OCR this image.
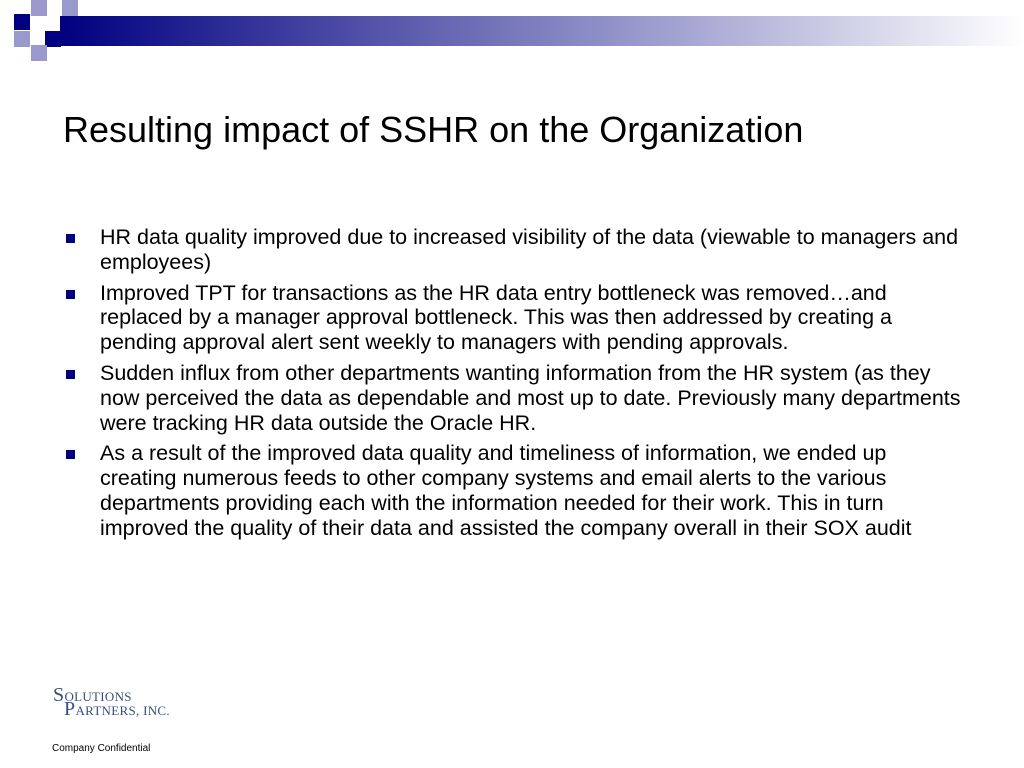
Resulting impact of SSHR on the Organization
HR data quality improved due to increased visibility of the data (viewable to managers and employees)
Improved TPT for transactions as the HR data entry bottleneck was removed…and replaced by a manager approval bottleneck. This was then addressed by creating a pending approval alert sent weekly to managers with pending approvals.
Sudden influx from other departments wanting information from the HR system (as they now perceived the data as dependable and most up to date. Previously many departments were tracking HR data outside the Oracle HR.
As a result of the improved data quality and timeliness of information, we ended up creating numerous feeds to other company systems and email alerts to the various departments providing each with the information needed for their work. This in turn improved the quality of their data and assisted the company overall in their SOX audit
SOLUTIONS
PARTNERS, INC.
Company Confidential
